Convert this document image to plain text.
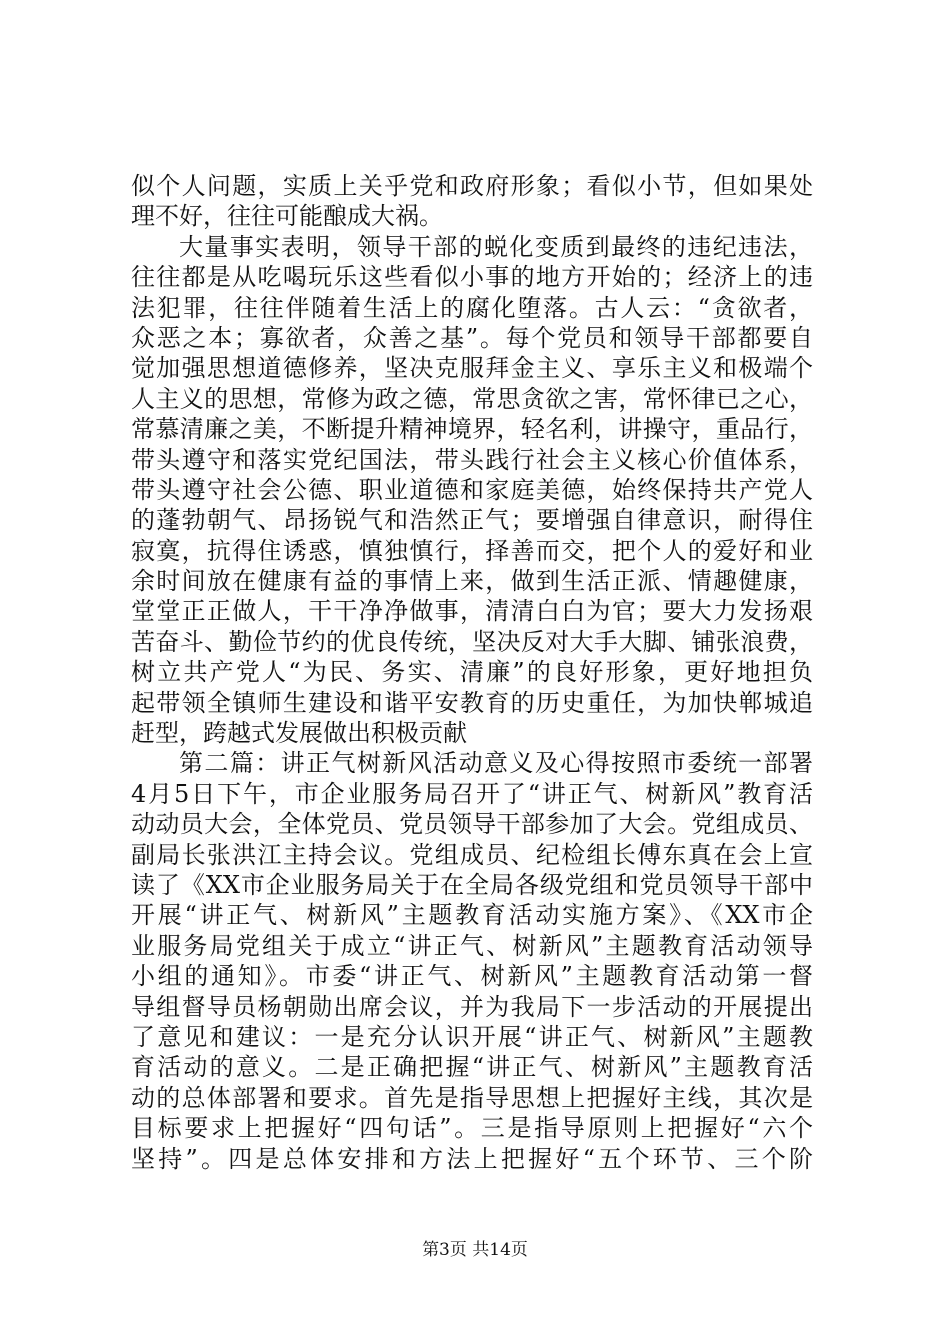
似个人问题，实质上关乎党和政府形象；看似小节，但如果处
理不好，往往可能酿成大祸。
大量事实表明，领导干部的蜕化变质到最终的违纪违法，
往往都是从吃喝玩乐这些看似小事的地方开始的；经济上的违
法犯罪，往往伴随着生活上的腐化堕落。古人云：“贪欲者，
众恶之本；寡欲者，众善之基”。每个党员和领导干部都要自
觉加强思想道德修养，坚决克服拜金主义、享乐主义和极端个
人主义的思想，常修为政之德，常思贪欲之害，常怀律已之心，
常慕清廉之美，不断提升精神境界，轻名利，讲操守，重品行，
带头遵守和落实党纪国法，带头践行社会主义核心价值体系，
带头遵守社会公德、职业道德和家庭美德，始终保持共产党人
的蓬勃朝气、昂扬锐气和浩然正气；要增强自律意识，耐得住
寂寞，抗得住诱惑，慎独慎行，择善而交，把个人的爱好和业
余时间放在健康有益的事情上来，做到生活正派、情趣健康，
堂堂正正做人，干干净净做事，清清白白为官；要大力发扬艰
苦奋斗、勤俭节约的优良传统，坚决反对大手大脚、铺张浪费，
树立共产党人“为民、务实、清廉”的良好形象，更好地担负
起带领全镇师生建设和谐平安教育的历史重任，为加快郸城追
赶型，跨越式发展做出积极贡献
第二篇：讲正气树新风活动意义及心得按照市委统一部署
4月5日下午，市企业服务局召开了“讲正气、树新风”教育活
动动员大会，全体党员、党员领导干部参加了大会。党组成员、
副局长张洪江主持会议。党组成员、纪检组长傅东真在会上宣
读了《XX市企业服务局关于在全局各级党组和党员领导干部中
开展“讲正气、树新风”主题教育活动实施方案》、《XX市企
业服务局党组关于成立“讲正气、树新风”主题教育活动领导
小组的通知》。市委“讲正气、树新风”主题教育活动第一督
导组督导员杨朝勋出席会议，并为我局下一步活动的开展提出
了意见和建议：一是充分认识开展“讲正气、树新风”主题教
育活动的意义。二是正确把握“讲正气、树新风”主题教育活
动的总体部署和要求。首先是指导思想上把握好主线，其次是
目标要求上把握好“四句话”。三是指导原则上把握好“六个
坚持”。四是总体安排和方法上把握好“五个环节、三个阶
第3页 共14页
